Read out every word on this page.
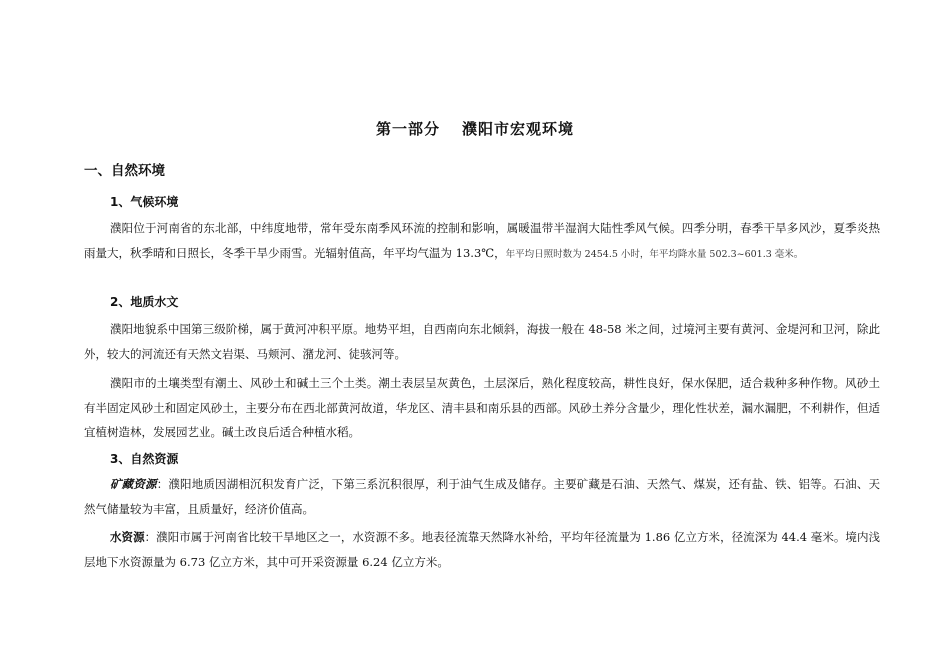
第一部分 濮阳市宏观环境
一、自然环境
1、气候环境
濮阳位于河南省的东北部，中纬度地带，常年受东南季风环流的控制和影响，属暖温带半湿润大陆性季风气候。四季分明，春季干旱多风沙，夏季炎热雨量大，秋季晴和日照长，冬季干旱少雨雪。光辐射值高，年平均气温为 13.3℃，年平均日照时数为 2454.5 小时，年平均降水量 502.3~601.3 毫米。
2、地质水文
濮阳地貌系中国第三级阶梯，属于黄河冲积平原。地势平坦，自西南向东北倾斜，海拔一般在 48-58 米之间，过境河主要有黄河、金堤河和卫河，除此外，较大的河流还有天然文岩渠、马颊河、潴龙河、徒骇河等。
濮阳市的土壤类型有潮土、风砂土和碱土三个土类。潮土表层呈灰黄色，土层深后，熟化程度较高，耕性良好，保水保肥，适合栽种多种作物。风砂土有半固定风砂土和固定风砂土，主要分布在西北部黄河故道，华龙区、清丰县和南乐县的西部。风砂土养分含量少，理化性状差，漏水漏肥，不利耕作，但适宜植树造林，发展园艺业。碱土改良后适合种植水稻。
3、自然资源
矿藏资源：濮阳地质因湖相沉积发育广泛，下第三系沉积很厚，利于油气生成及储存。主要矿藏是石油、天然气、煤炭，还有盐、铁、铝等。石油、天然气储量较为丰富，且质量好，经济价值高。
水资源：濮阳市属于河南省比较干旱地区之一，水资源不多。地表径流靠天然降水补给，平均年径流量为 1.86 亿立方米，径流深为 44.4 毫米。境内浅层地下水资源量为 6.73 亿立方米，其中可开采资源量 6.24 亿立方米。
